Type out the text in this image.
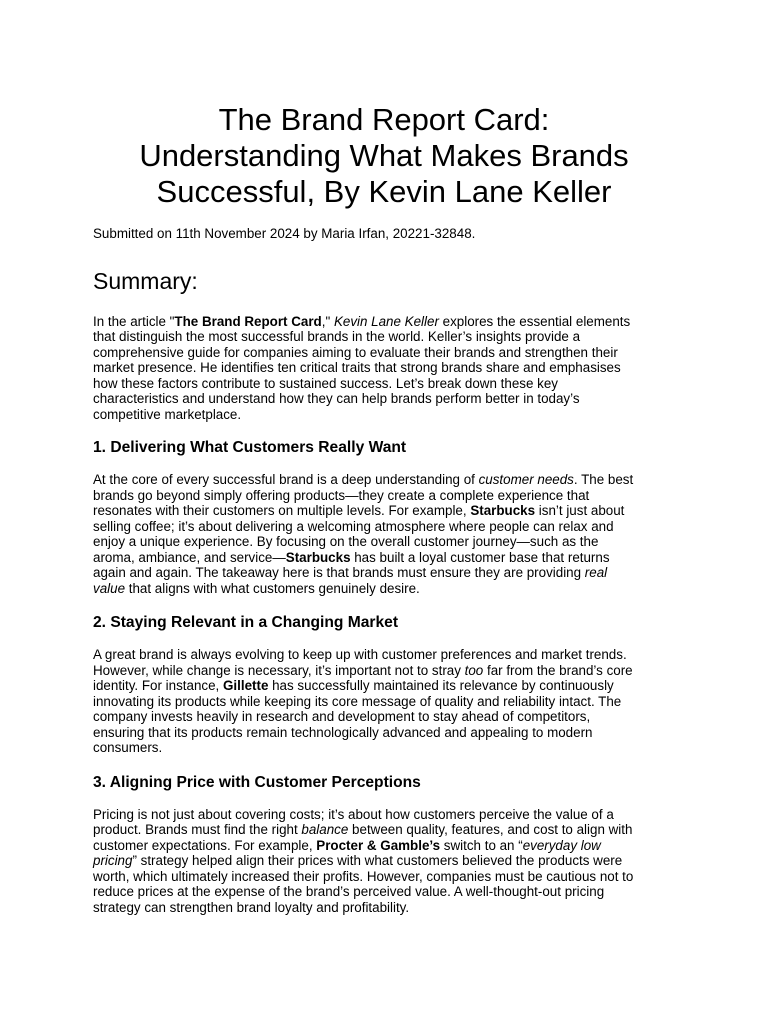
The Brand Report Card:
Understanding What Makes Brands
Successful, By Kevin Lane Keller

Submitted on 11th November 2024 by Maria Irfan, 20221-32848.

Summary:

In the article "The Brand Report Card," Kevin Lane Keller explores the essential elements
that distinguish the most successful brands in the world. Keller’s insights provide a
comprehensive guide for companies aiming to evaluate their brands and strengthen their
market presence. He identifies ten critical traits that strong brands share and emphasises
how these factors contribute to sustained success. Let’s break down these key
characteristics and understand how they can help brands perform better in today’s
competitive marketplace.

1. Delivering What Customers Really Want

At the core of every successful brand is a deep understanding of customer needs. The best
brands go beyond simply offering products—they create a complete experience that
resonates with their customers on multiple levels. For example, Starbucks isn’t just about
selling coffee; it’s about delivering a welcoming atmosphere where people can relax and
enjoy a unique experience. By focusing on the overall customer journey—such as the
aroma, ambiance, and service—Starbucks has built a loyal customer base that returns
again and again. The takeaway here is that brands must ensure they are providing real
value that aligns with what customers genuinely desire.

2. Staying Relevant in a Changing Market

A great brand is always evolving to keep up with customer preferences and market trends.
However, while change is necessary, it’s important not to stray too far from the brand’s core
identity. For instance, Gillette has successfully maintained its relevance by continuously
innovating its products while keeping its core message of quality and reliability intact. The
company invests heavily in research and development to stay ahead of competitors,
ensuring that its products remain technologically advanced and appealing to modern
consumers.

3. Aligning Price with Customer Perceptions

Pricing is not just about covering costs; it’s about how customers perceive the value of a
product. Brands must find the right balance between quality, features, and cost to align with
customer expectations. For example, Procter & Gamble’s switch to an “everyday low
pricing” strategy helped align their prices with what customers believed the products were
worth, which ultimately increased their profits. However, companies must be cautious not to
reduce prices at the expense of the brand’s perceived value. A well-thought-out pricing
strategy can strengthen brand loyalty and profitability.
